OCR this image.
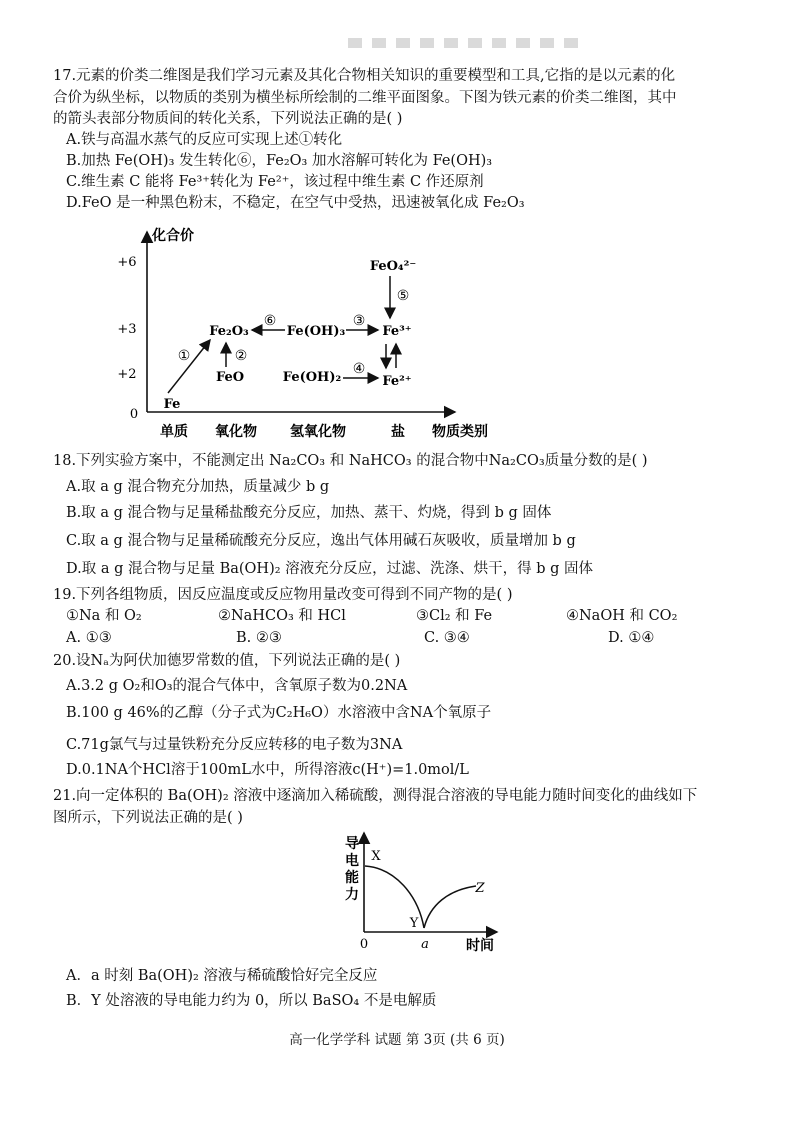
17.元素的价类二维图是我们学习元素及其化合物相关知识的重要模型和工具,它指的是以元素的化
合价为纵坐标，以物质的类别为横坐标所绘制的二维平面图象。下图为铁元素的价类二维图，其中
的箭头表部分物质间的转化关系，下列说法正确的是( )
A.铁与高温水蒸气的反应可实现上述①转化
B.加热 Fe(OH)₃ 发生转化⑥，Fe₂O₃ 加水溶解可转化为 Fe(OH)₃
C.维生素 C 能将 Fe³⁺转化为 Fe²⁺，该过程中维生素 C 作还原剂
D.FeO 是一种黑色粉末，不稳定，在空气中受热，迅速被氧化成 Fe₂O₃
化合价
+6
+3
+2
0
单质 氧化物 氢氧化物	盐 物质类别
Fe
Fe₂O₃
FeO
Fe(OH)₃
Fe(OH)₂
Fe³⁺
Fe²⁺
FeO₄²⁻
①	②
⑥	③
④
⑤
18.下列实验方案中，不能测定出 Na₂CO₃ 和 NaHCO₃ 的混合物中Na₂CO₃质量分数的是( )
A.取 a g 混合物充分加热，质量减少 b g
B.取 a g 混合物与足量稀盐酸充分反应，加热、蒸干、灼烧，得到 b g 固体
C.取 a g 混合物与足量稀硫酸充分反应，逸出气体用碱石灰吸收，质量增加 b g
D.取 a g 混合物与足量 Ba(OH)₂ 溶液充分反应，过滤、洗涤、烘干，得 b g 固体
19.下列各组物质，因反应温度或反应物用量改变可得到不同产物的是( )
①Na 和 O₂	②NaHCO₃ 和 HCl	③Cl₂ 和 Fe	④NaOH 和 CO₂
A. ①③	B. ②③	C. ③④	D. ①④
20.设Nₐ为阿伏加德罗常数的值，下列说法正确的是( )
A.3.2 g O₂和O₃的混合气体中，含氧原子数为0.2NA
B.100 g 46%的乙醇（分子式为C₂H₆O）水溶液中含NA个氧原子
C.71g氯气与过量铁粉充分反应转移的电子数为3NA
D.0.1NA个HCl溶于100mL水中，所得溶液c(H⁺)=1.0mol/L
21.向一定体积的 Ba(OH)₂ 溶液中逐滴加入稀硫酸，测得混合溶液的导电能力随时间变化的曲线如下
图所示，下列说法正确的是( )
导
电
能
力
0	a	时间
X
Y
Z
A．a 时刻 Ba(OH)₂ 溶液与稀硫酸恰好完全反应
B．Y 处溶液的导电能力约为 0，所以 BaSO₄ 不是电解质
高一化学学科 试题 第 3页 (共 6 页)
